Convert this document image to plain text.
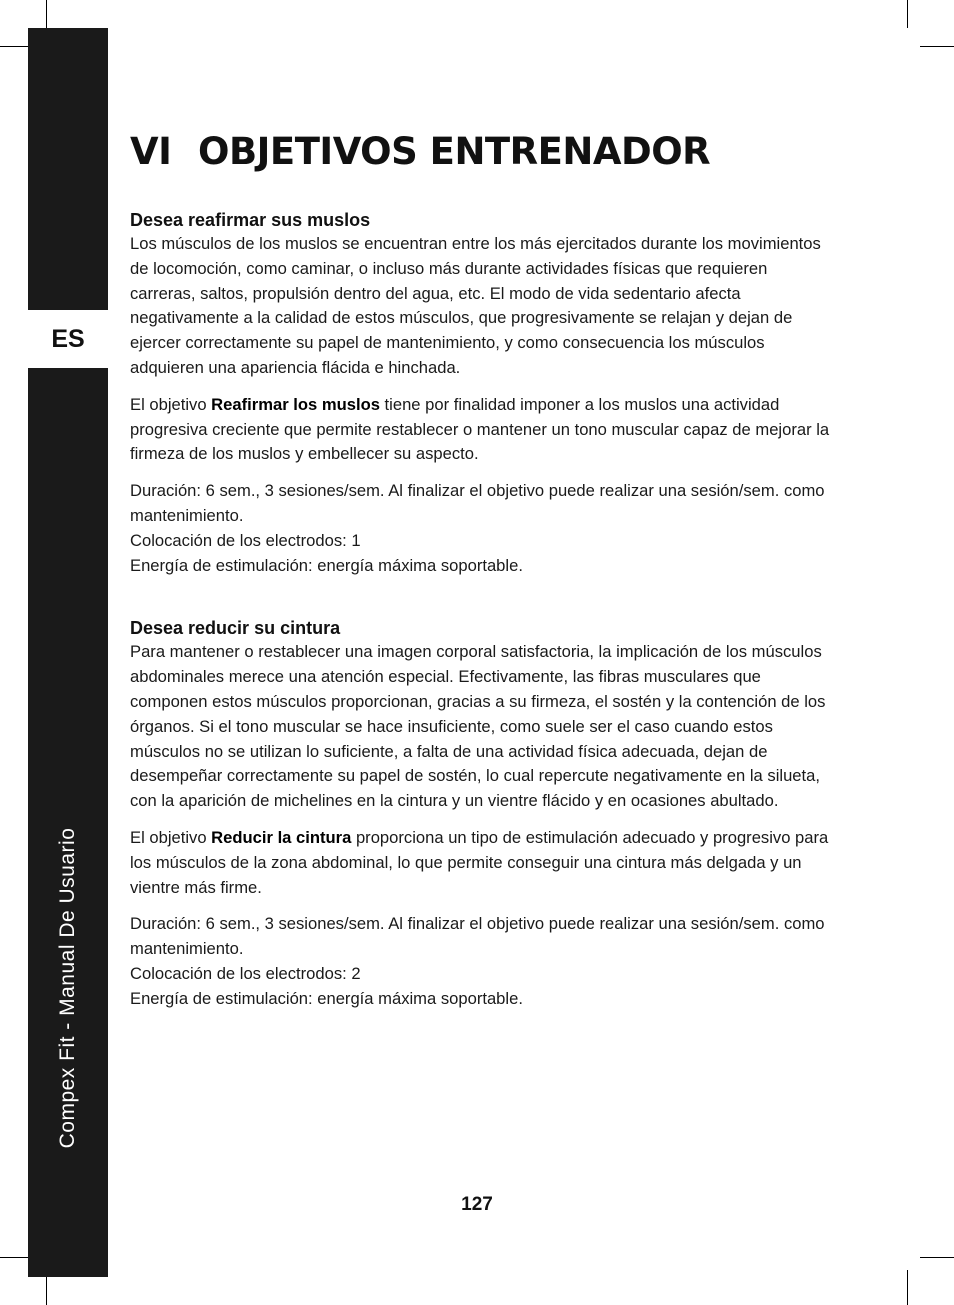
ES
Compex Fit - Manual De Usuario
VI OBJETIVOS ENTRENADOR
Desea reafirmar sus muslos

Los músculos de los muslos se encuentran entre los más ejercitados durante los movimientos de locomoción, como caminar, o incluso más durante actividades físicas que requieren carreras, saltos, propulsión dentro del agua, etc. El modo de vida sedentario afecta negativamente a la calidad de estos músculos, que progresivamente se relajan y dejan de ejercer correctamente su papel de mantenimiento, y como consecuencia los músculos adquieren una apariencia flácida e hinchada.

El objetivo Reafirmar los muslos tiene por finalidad imponer a los muslos una actividad progresiva creciente que permite restablecer o mantener un tono muscular capaz de mejorar la firmeza de los muslos y embellecer su aspecto.

Duración: 6 sem., 3 sesiones/sem. Al finalizar el objetivo puede realizar una sesión/sem. como mantenimiento.
Colocación de los electrodos: 1
Energía de estimulación: energía máxima soportable.

Desea reducir su cintura

Para mantener o restablecer una imagen corporal satisfactoria, la implicación de los músculos abdominales merece una atención especial. Efectivamente, las fibras musculares que componen estos músculos proporcionan, gracias a su firmeza, el sostén y la contención de los órganos. Si el tono muscular se hace insuficiente, como suele ser el caso cuando estos músculos no se utilizan lo suficiente, a falta de una actividad física adecuada, dejan de desempeñar correctamente su papel de sostén, lo cual repercute negativamente en la silueta, con la aparición de michelines en la cintura y un vientre flácido y en ocasiones abultado.

El objetivo Reducir la cintura proporciona un tipo de estimulación adecuado y progresivo para los músculos de la zona abdominal, lo que permite conseguir una cintura más delgada y un vientre más firme.

Duración: 6 sem., 3 sesiones/sem. Al finalizar el objetivo puede realizar una sesión/sem. como mantenimiento.
Colocación de los electrodos: 2
Energía de estimulación: energía máxima soportable.

127
